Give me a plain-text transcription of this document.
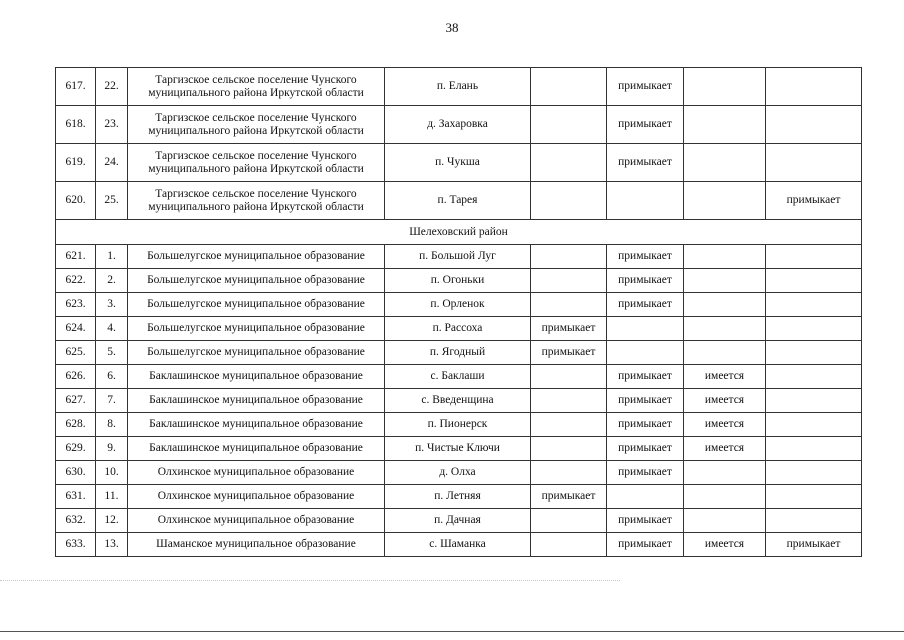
38
617.	22.	Таргизское сельское поселение Чунского муниципального района Иркутской области	п. Елань		примыкает		
618.	23.	Таргизское сельское поселение Чунского муниципального района Иркутской области	д. Захаровка		примыкает		
619.	24.	Таргизское сельское поселение Чунского муниципального района Иркутской области	п. Чукша		примыкает		
620.	25.	Таргизское сельское поселение Чунского муниципального района Иркутской области	п. Тарея				примыкает
Шелеховский район							
621.	1.	Большелугское муниципальное образование	п. Большой Луг		примыкает		
622.	2.	Большелугское муниципальное образование	п. Огоньки		примыкает		
623.	3.	Большелугское муниципальное образование	п. Орленок		примыкает		
624.	4.	Большелугское муниципальное образование	п. Рассоха	примыкает			
625.	5.	Большелугское муниципальное образование	п. Ягодный	примыкает			
626.	6.	Баклашинское муниципальное образование	с. Баклаши		примыкает	имеется	
627.	7.	Баклашинское муниципальное образование	с. Введенщина		примыкает	имеется	
628.	8.	Баклашинское муниципальное образование	п. Пионерск		примыкает	имеется	
629.	9.	Баклашинское муниципальное образование	п. Чистые Ключи		примыкает	имеется	
630.	10.	Олхинское муниципальное образование	д. Олха		примыкает		
631.	11.	Олхинское муниципальное образование	п. Летняя	примыкает			
632.	12.	Олхинское муниципальное образование	п. Дачная		примыкает		
633.	13.	Шаманское муниципальное образование	с. Шаманка		примыкает	имеется	примыкает
